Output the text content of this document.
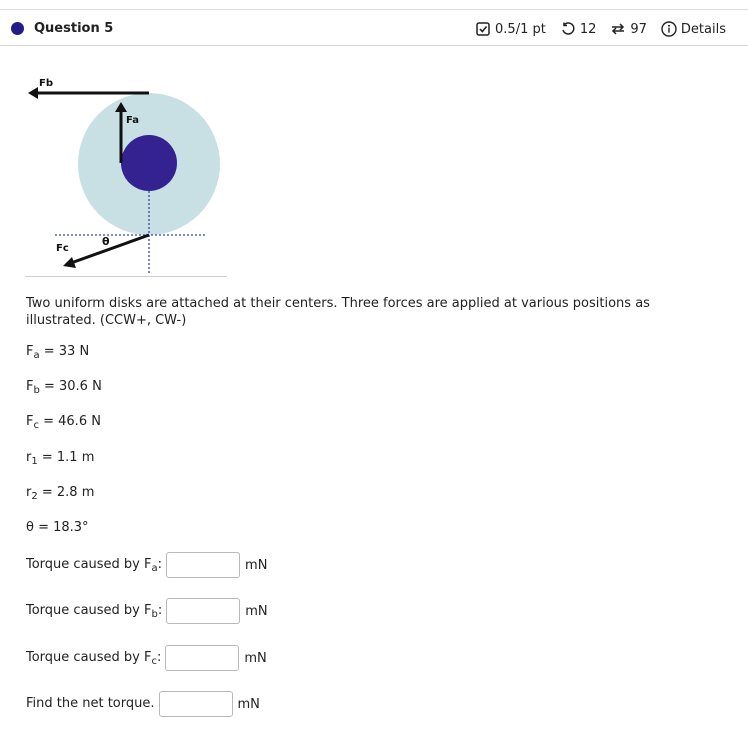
Question 5	0.5/1 pt	12	97	Details
Fb
Fa
Fc
θ
Two uniform disks are attached at their centers. Three forces are applied at various positions as illustrated. (CCW+, CW-)
$F_a = 33$ N
$F_b = 30.6$ N
$F_c = 46.6$ N
$r_1 = 1.1$ m
$r_2 = 2.8$ m
θ = 18.3°
Torque caused by $F_a$:	mN
Torque caused by $F_b$:	mN
Torque caused by $F_c$:	mN
Find the net torque.	mN
